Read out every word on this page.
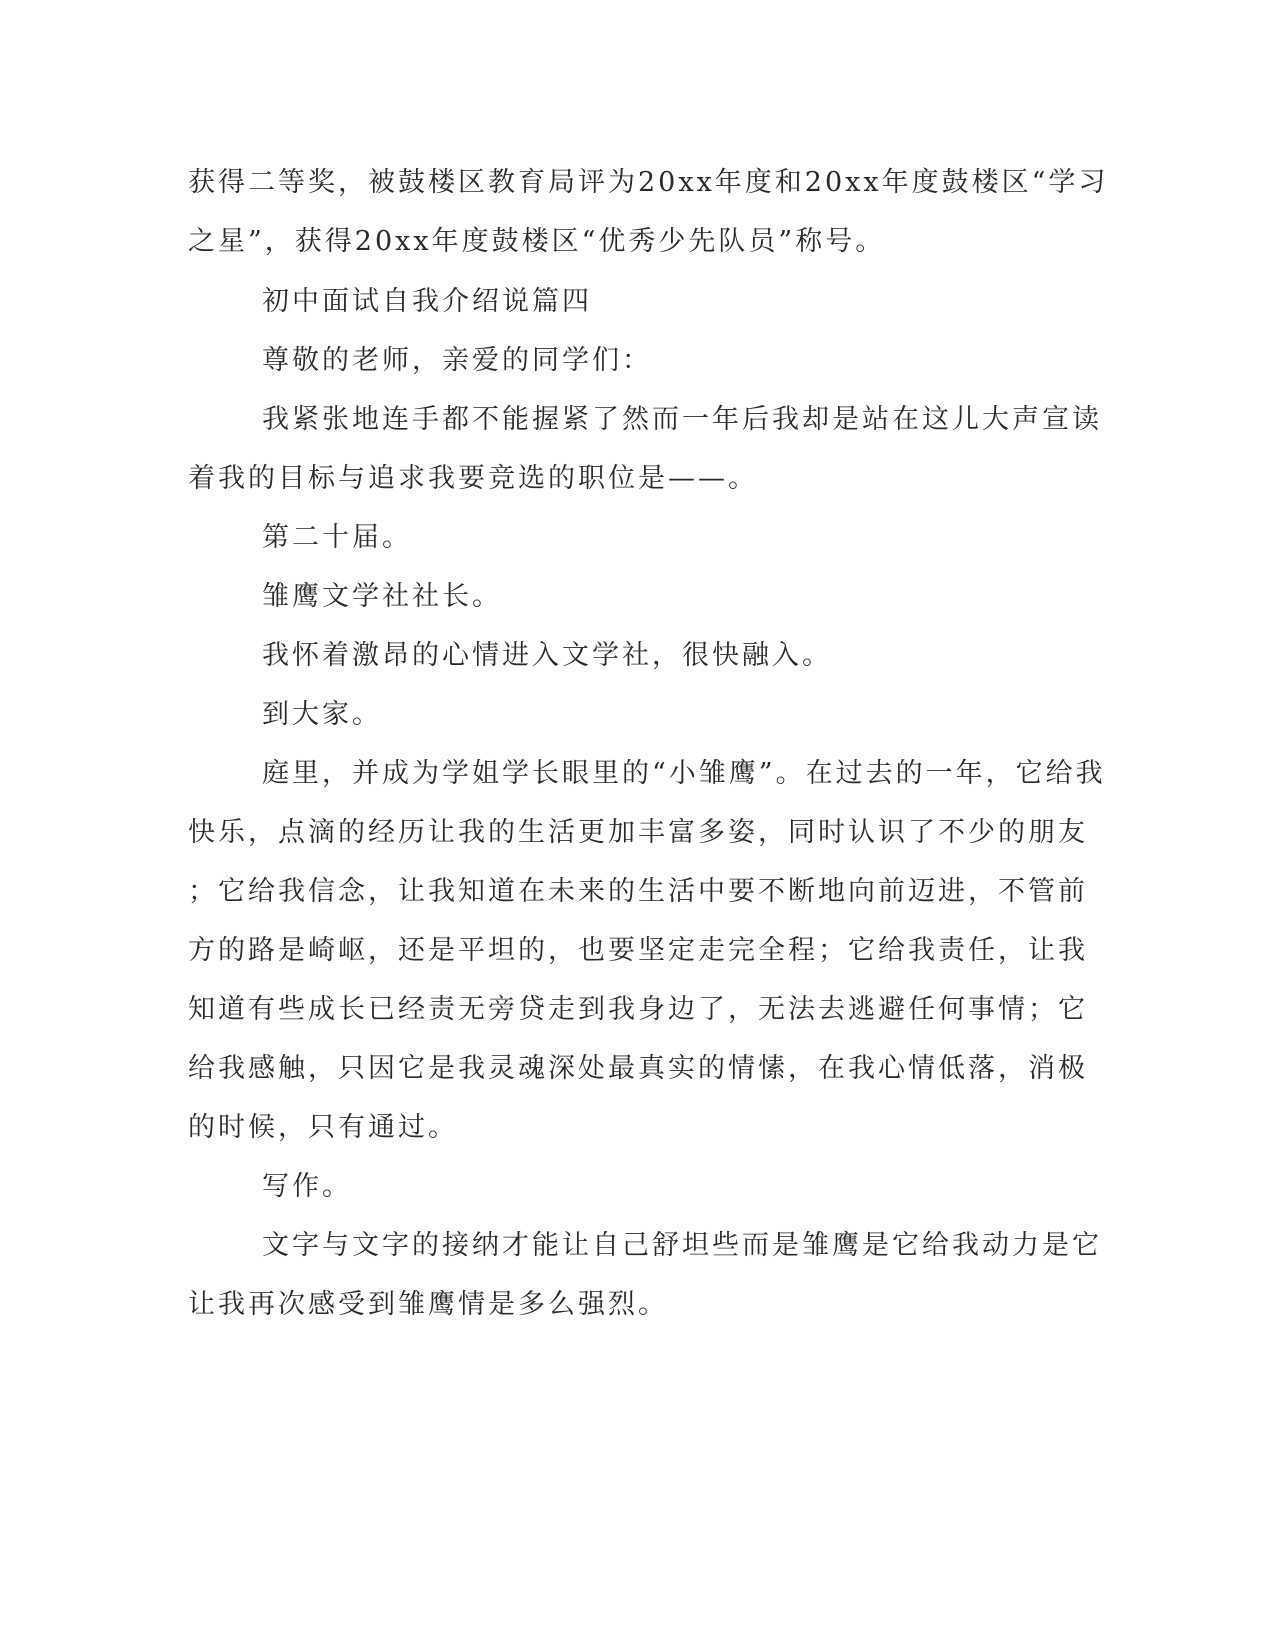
获得二等奖，被鼓楼区教育局评为20xx年度和20xx年度鼓楼区“学习
之星”，获得20xx年度鼓楼区“优秀少先队员”称号。
初中面试自我介绍说篇四
尊敬的老师，亲爱的同学们：
我紧张地连手都不能握紧了然而一年后我却是站在这儿大声宣读
着我的目标与追求我要竞选的职位是——。
第二十届。
雏鹰文学社社长。
我怀着激昂的心情进入文学社，很快融入。
到大家。
庭里，并成为学姐学长眼里的“小雏鹰”。在过去的一年，它给我
快乐，点滴的经历让我的生活更加丰富多姿，同时认识了不少的朋友
；它给我信念，让我知道在未来的生活中要不断地向前迈进，不管前
方的路是崎岖，还是平坦的，也要坚定走完全程；它给我责任，让我
知道有些成长已经责无旁贷走到我身边了，无法去逃避任何事情；它
给我感触，只因它是我灵魂深处最真实的情愫，在我心情低落，消极
的时候，只有通过。
写作。
文字与文字的接纳才能让自己舒坦些而是雏鹰是它给我动力是它
让我再次感受到雏鹰情是多么强烈。
